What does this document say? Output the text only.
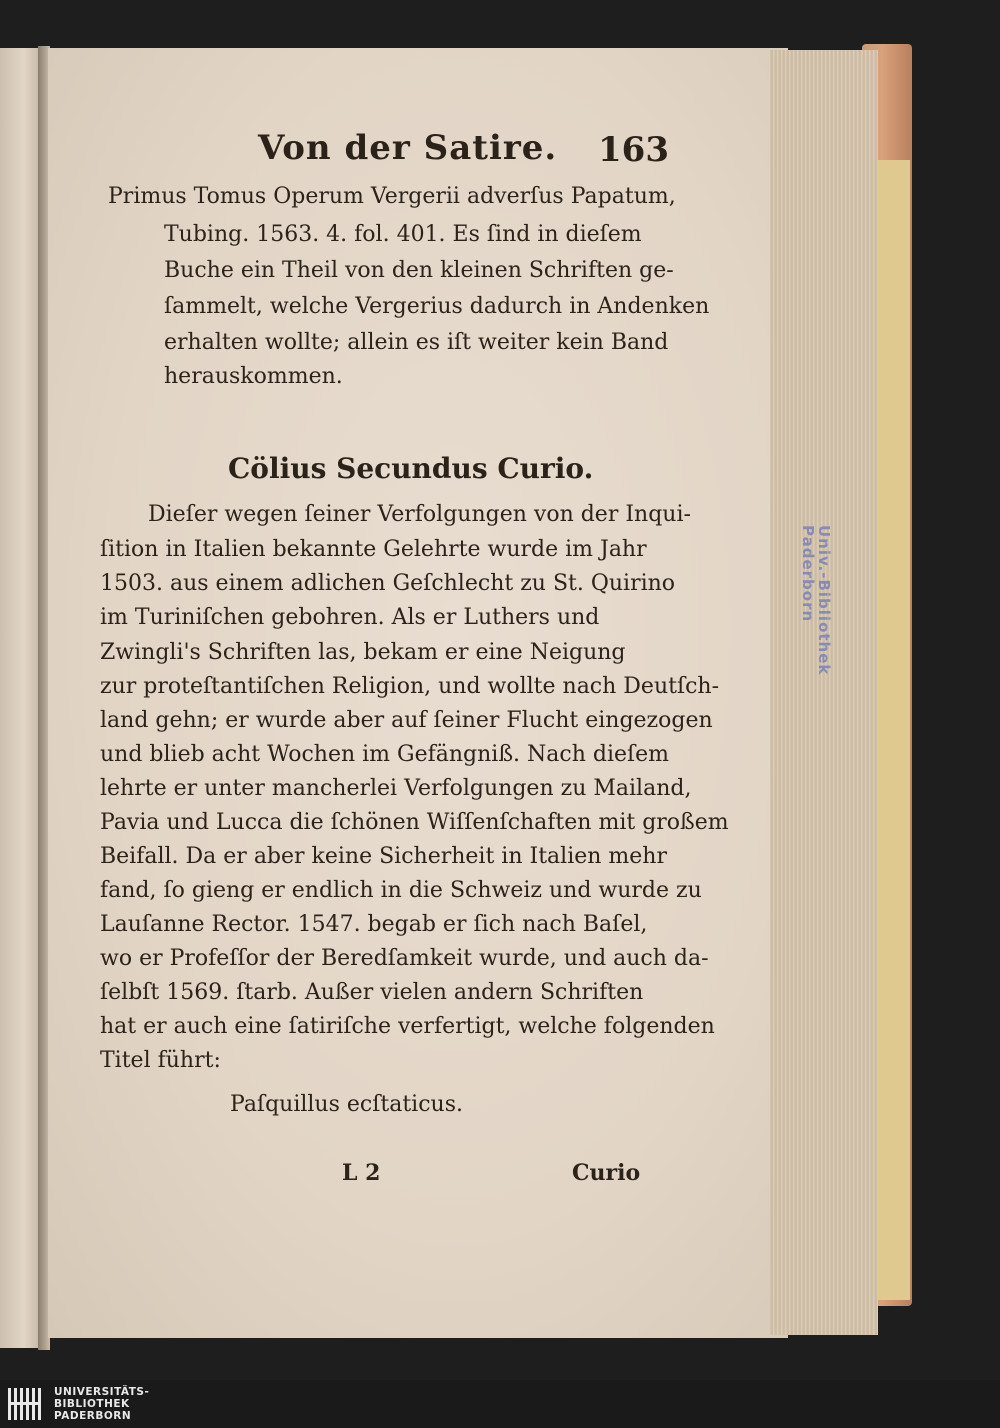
Univ.-Bibliothek
Paderborn
Von der Satire. 163
Primus Tomus Operum Vergerii adverſus Papatum,
Tubing. 1563. 4. fol. 401. Es ſind in dieſem
Buche ein Theil von den kleinen Schriften ge-
ſammelt, welche Vergerius dadurch in Andenken
erhalten wollte; allein es iſt weiter kein Band
herauskommen.
Cölius Secundus Curio.
Dieſer wegen ſeiner Verfolgungen von der Inqui-
ſition in Italien bekannte Gelehrte wurde im Jahr
1503. aus einem adlichen Geſchlecht zu St. Quirino
im Turiniſchen gebohren. Als er Luthers und
Zwingli's Schriften las, bekam er eine Neigung
zur proteſtantiſchen Religion, und wollte nach Deutſch-
land gehn; er wurde aber auf ſeiner Flucht eingezogen
und blieb acht Wochen im Gefängniß. Nach dieſem
lehrte er unter mancherlei Verfolgungen zu Mailand,
Pavia und Lucca die ſchönen Wiſſenſchaften mit großem
Beifall. Da er aber keine Sicherheit in Italien mehr
fand, ſo gieng er endlich in die Schweiz und wurde zu
Lauſanne Rector. 1547. begab er ſich nach Baſel,
wo er Profeſſor der Beredſamkeit wurde, und auch da-
ſelbſt 1569. ſtarb. Außer vielen andern Schriften
hat er auch eine ſatiriſche verfertigt, welche folgenden
Titel führt:
Paſquillus ecſtaticus.
L 2	Curio
UNIVERSITÄTS-
BIBLIOTHEK
PADERBORN
